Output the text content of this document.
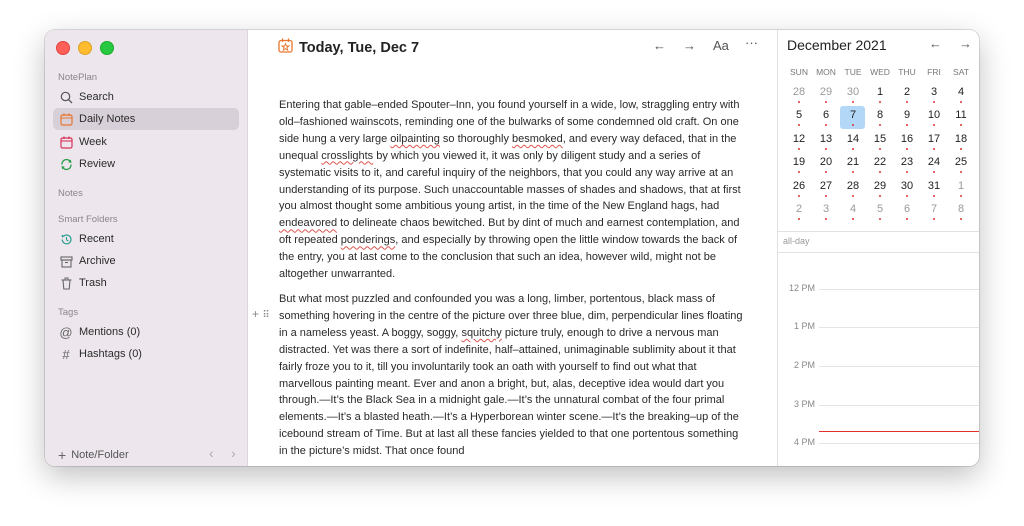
NotePlan
Search
Daily Notes
Week
Review
Notes
Smart Folders
Recent
Archive
Trash
Tags
@ Mentions (0)
# Hashtags (0)
+ Note/Folder	‹ ›
Today, Tue, Dec 7	← → Aa ···
+ ⠿

Entering that gable–ended Spouter–Inn, you found yourself in a wide, low, straggling entry with old–fashioned wainscots, reminding one of the bulwarks of some condemned old craft. On one side hung a very large oilpainting so thoroughly besmoked, and every way defaced, that in the unequal crosslights by which you viewed it, it was only by diligent study and a series of systematic visits to it, and careful inquiry of the neighbors, that you could any way arrive at an understanding of its purpose. Such unaccountable masses of shades and shadows, that at first you almost thought some ambitious young artist, in the time of the New England hags, had endeavored to delineate chaos bewitched. But by dint of much and earnest contemplation, and oft repeated ponderings, and especially by throwing open the little window towards the back of the entry, you at last come to the conclusion that such an idea, however wild, might not be altogether unwarranted.

But what most puzzled and confounded you was a long, limber, portentous, black mass of something hovering in the centre of the picture over three blue, dim, perpendicular lines floating in a nameless yeast. A boggy, soggy, squitchy picture truly, enough to drive a nervous man distracted. Yet was there a sort of indefinite, half–attained, unimaginable sublimity about it that fairly froze you to it, till you involuntarily took an oath with yourself to find out what that marvellous painting meant. Ever and anon a bright, but, alas, deceptive idea would dart you through.—It’s the Black Sea in a midnight gale.—It’s the unnatural combat of the four primal elements.—It’s a blasted heath.—It’s a Hyperborean winter scene.—It’s the breaking–up of the icebound stream of Time. But at last all these fancies yielded to that one portentous something in the picture’s midst. That once found

December 2021	← →
SUN MON	TUE	WED THU	FRI	SAT
28	29	30	1	2	3	4
5	6	7	8	9	10	11
12	13	14	15	16	17	18
19	20	21	22	23	24	25
26	27	28	29	30	31	1
2	3	4	5	6	7	8
all-day
12 PM
1 PM
2 PM
3 PM
4 PM
